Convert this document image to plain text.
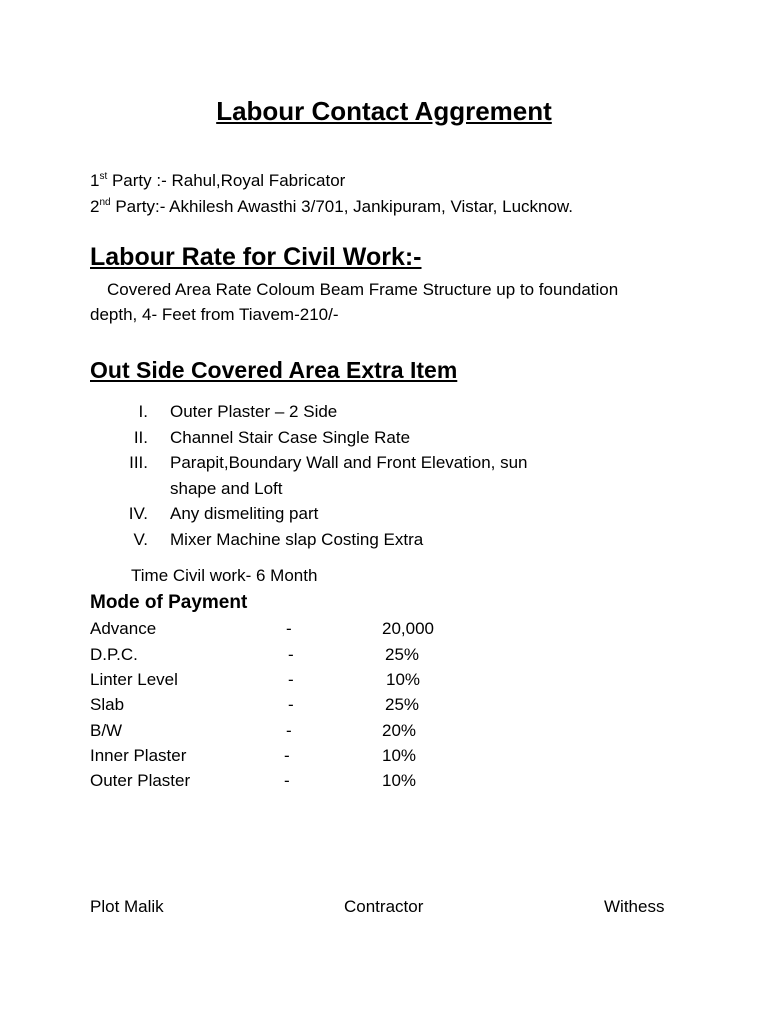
Labour Contact Aggrement
1st Party :- Rahul,Royal Fabricator
2nd Party:- Akhilesh Awasthi 3/701, Jankipuram, Vistar, Lucknow.
Labour Rate for Civil Work:-
Covered Area Rate Coloum Beam Frame Structure up to foundation
depth, 4- Feet from Tiavem-210/-
Out Side Covered Area Extra Item
I. Outer Plaster – 2 Side
II. Channel Stair Case Single Rate
III. Parapit,Boundary Wall and Front Elevation, sun shape and Loft
IV. Any dismeliting part
V. Mixer Machine slap Costing Extra
Time Civil work- 6 Month
Mode of Payment
Advance	-	20,000
D.P.C.	-	25%
Linter Level	-	10%
Slab	-	25%
B/W	-	20%
Inner Plaster	-	10%
Outer Plaster	-	10%
Plot Malik	Contractor	Withess
